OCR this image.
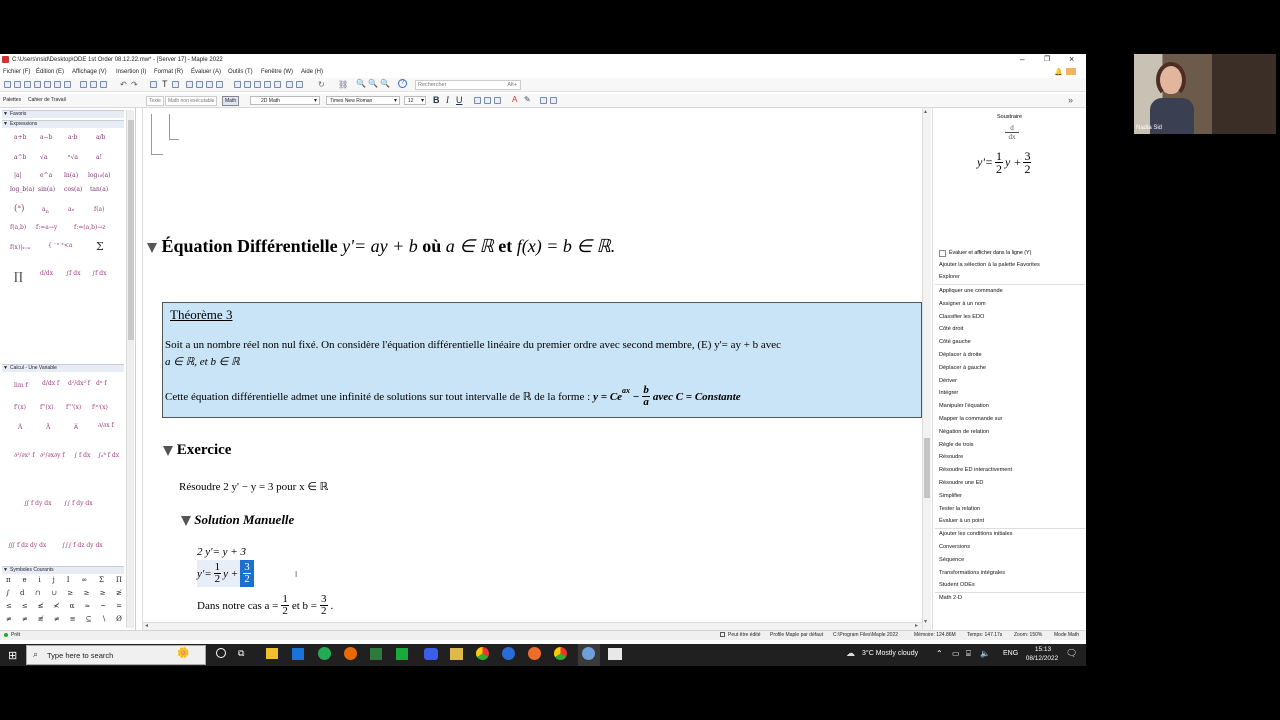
C:\Users\nsid\Desktop\ODE 1st Order 08.12.22.mw* - [Server 17] - Maple 2022	–	❐ ×
Fichier (F) Édition (E) Affichage (V) Insertion (I) Format (R) Évaluer (A) Outils (T) Fenêtre (W) Aide (H)	🔔
↶ ↷	T	↻ ⛓ 🔍 🔍 🔍	?	Rechercher	Alt+
Palettes Cahier de Travail	Texte	Math non exécutable	Math	2D Math	▾	Times New Roman	▾ 12 ▾ B I U	A ✎	»
▼ Favoris
▼ Expressions
a+b a−b	a·b	a/b
a^b √a	ⁿ√a	a!
|a|	e^a ln(a) log₁₀(a)
log_b(a) sin(a) cos(a) tan(a)
(ᵃ)	$a_n$	aₙ	f(a)
f(a,b) f:=a→y	f:=(a,b)→z
f(x)|ₓ₌ₐ	{ ⁻ˣ ˣ<a Σ
∏	d/dx ∫f dx ∫f dx
▼ Calcul - Une Variable
lim f d/dx f d²/dx² f dⁿ f
f'(x) f''(x) f'''(x) f⁽ⁿ⁾(x)
Ȧ	Ä	A⃛	∂/∂x f
∂²/∂x² f ∂²/∂x∂y f ∫ f dx ∫ₐᵇ f dx
∬ f dy dx ∫∫ f dy dx
∭ f dz dy dx	∫∫∫ f dz dy dx
▼ Symboles Courants
π e i j I ∞ Σ Π
∫ d ∩ ∪ ≥ ≥ ≥ ≱
≤ ≤ ≰ ≮ α ≈ ~ =
≠ ≠ ≢ ≠ ≡ ⊆ ∖ Ø
Équation Différentielle y'= ay + b où a ∈ ℝ et f(x) = b ∈ ℝ.
Théorème 3
Soit a un nombre réel non nul fixé. On considère l'équation différentielle linéaire du premier ordre avec second membre, (E) y'= ay + b avec
a ∈ ℝ, et b ∈ ℝ
Cette équation différentielle admet une infinité de solutions sur tout intervalle de ℝ de la forme : y = Ce ax − $\frac{b}{a}$ avec C = Constante
Exercice
Résoudre 2 y' − y = 3 pour x ∈ ℝ
Solution Manuelle
2 y'= y + 3
$y'= \frac{1}{2}$ $y + \frac{3}{2}$	I
Dans notre cas $a = \frac{1}{2}$ et $b = \frac{3}{2}$ .
◂	▸
▴
▾
Soustraire
d
dx
$y'= \frac{1}{2}$ $y + \frac{3}{2}$
Évaluer et afficher dans la ligne (Y)
Ajouter la sélection à la palette Favorites
Explorer
Appliquer une commande
Assigner à un nom
Classifier les EDO
Côté droit
Côté gauche
Déplacer à droite
Déplacer à gauche
Dériver
Intégrer
Manipuler l'équation
Mapper la commande sur
Négation de relation
Règle de trois
Résoudre
Résoudre ED interactivement
Résoudre une ED
Simplifier
Tester la relation
Évaluer à un point
Ajouter les conditions initiales
Conversions
Séquence
Transformations intégrales
Student ODEs
Math 2-D
Prêt	Peut être édité Profile Maple par défaut C:\Program Files\Maple 2022	Mémoire: 124.86M Temps: 147.17s Zoom: 150% Mode Math
⊞ ⌕ Type here to search	🌼	⧉	☁ 3°C Mostly cloudy ⌃ ▭ ⌸ 🔈 ENG
15:13
08/12/2022
🗨
Nadia Sid
